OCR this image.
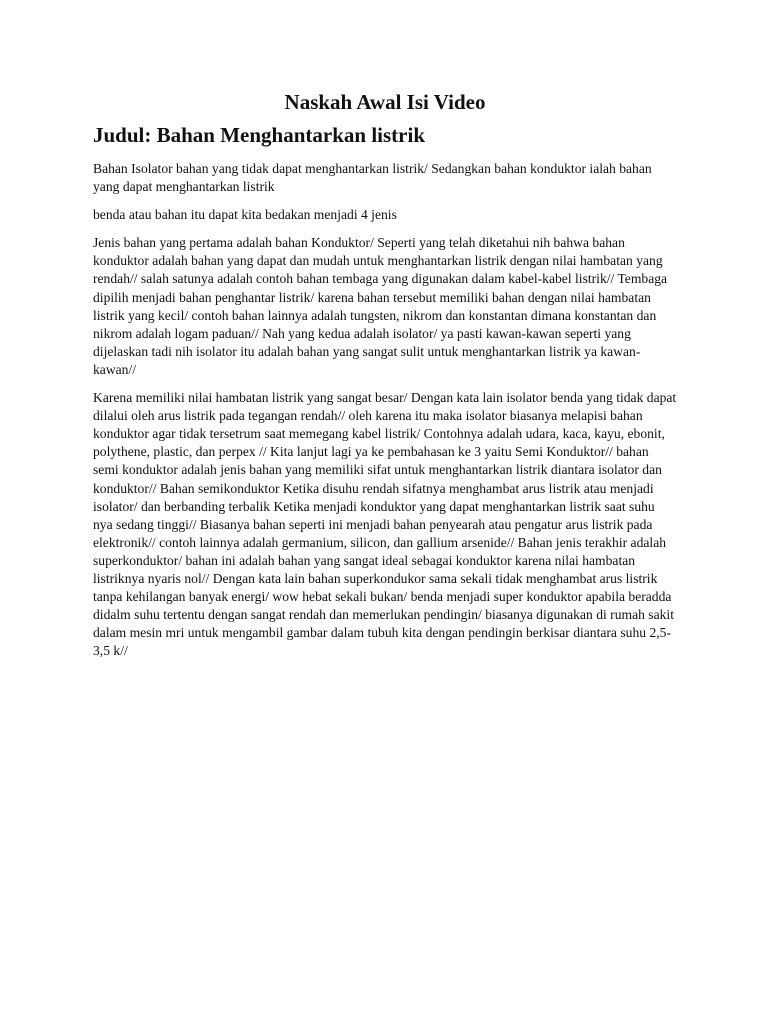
Naskah Awal Isi Video
Judul: Bahan Menghantarkan listrik

Bahan Isolator bahan yang tidak dapat menghantarkan listrik/ Sedangkan bahan konduktor ialah bahan yang dapat menghantarkan listrik

benda atau bahan itu dapat kita bedakan menjadi 4 jenis

Jenis bahan yang pertama adalah bahan Konduktor/ Seperti yang telah diketahui nih bahwa bahan konduktor adalah bahan yang dapat dan mudah untuk menghantarkan listrik dengan nilai hambatan yang rendah// salah satunya adalah contoh bahan tembaga yang digunakan dalam kabel-kabel listrik// Tembaga dipilih menjadi bahan penghantar listrik/ karena bahan tersebut memiliki bahan dengan nilai hambatan listrik yang kecil/ contoh bahan lainnya adalah tungsten, nikrom dan konstantan dimana konstantan dan nikrom adalah logam paduan// Nah yang kedua adalah isolator/ ya pasti kawan-kawan seperti yang dijelaskan tadi nih isolator itu adalah bahan yang sangat sulit untuk menghantarkan listrik ya kawan-kawan//

Karena memiliki nilai hambatan listrik yang sangat besar/ Dengan kata lain isolator benda yang tidak dapat dilalui oleh arus listrik pada tegangan rendah// oleh karena itu maka isolator biasanya melapisi bahan konduktor agar tidak tersetrum saat memegang kabel listrik/ Contohnya adalah udara, kaca, kayu, ebonit, polythene, plastic, dan perpex // Kita lanjut lagi ya ke pembahasan ke 3 yaitu Semi Konduktor// bahan semi konduktor adalah jenis bahan yang memiliki sifat untuk menghantarkan listrik diantara isolator dan konduktor// Bahan semikonduktor Ketika disuhu rendah sifatnya menghambat arus listrik atau menjadi isolator/ dan berbanding terbalik Ketika menjadi konduktor yang dapat menghantarkan listrik saat suhu nya sedang tinggi// Biasanya bahan seperti ini menjadi bahan penyearah atau pengatur arus listrik pada elektronik// contoh lainnya adalah germanium, silicon, dan gallium arsenide// Bahan jenis terakhir adalah superkonduktor/ bahan ini adalah bahan yang sangat ideal sebagai konduktor karena nilai hambatan listriknya nyaris nol// Dengan kata lain bahan superkondukor sama sekali tidak menghambat arus listrik tanpa kehilangan banyak energi/ wow hebat sekali bukan/ benda menjadi super konduktor apabila beradda didalm suhu tertentu dengan sangat rendah dan memerlukan pendingin/ biasanya digunakan di rumah sakit dalam mesin mri untuk mengambil gambar dalam tubuh kita dengan pendingin berkisar diantara suhu 2,5-3,5 k//
